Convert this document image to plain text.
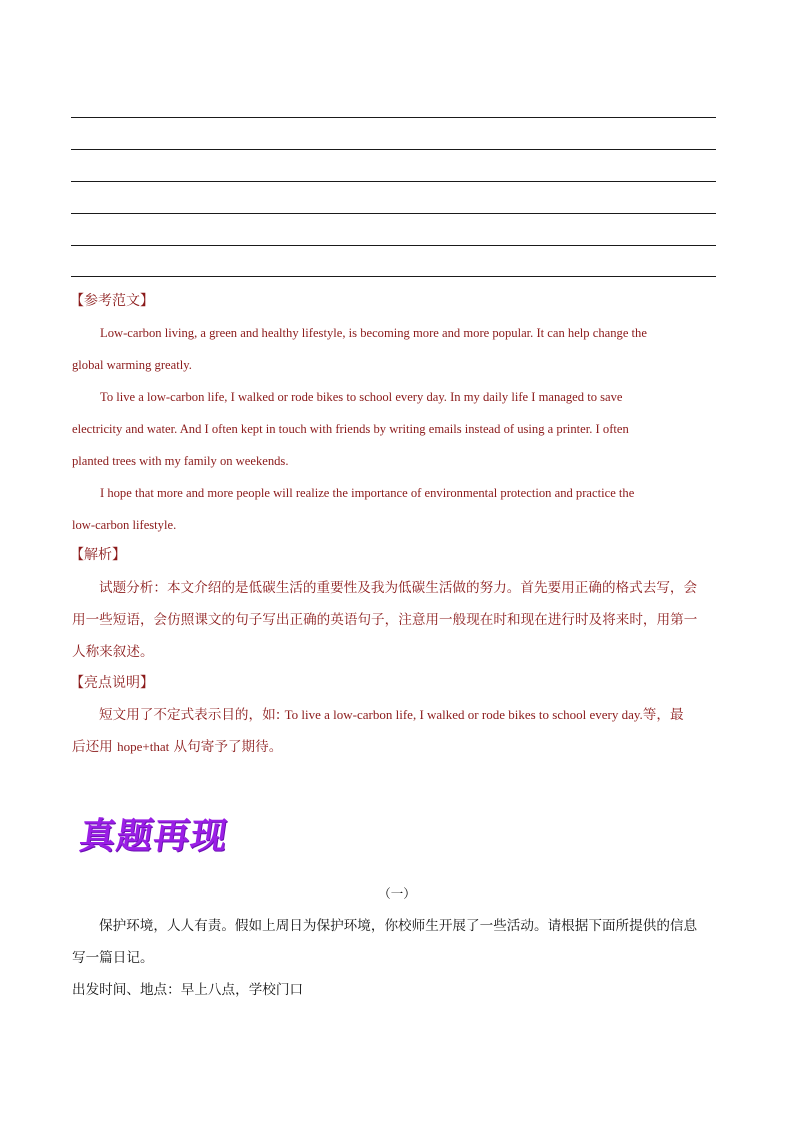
【参考范文】
Low-carbon living, a green and healthy lifestyle, is becoming more and more popular. It can help change the
global warming greatly.
To live a low-carbon life, I walked or rode bikes to school every day. In my daily life I managed to save
electricity and water. And I often kept in touch with friends by writing emails instead of using a printer. I often
planted trees with my family on weekends.
I hope that more and more people will realize the importance of environmental protection and practice the
low-carbon lifestyle.
【解析】
试题分析：本文介绍的是低碳生活的重要性及我为低碳生活做的努力。首先要用正确的格式去写，会
用一些短语，会仿照课文的句子写出正确的英语句子，注意用一般现在时和现在进行时及将来时，用第一
人称来叙述。
【亮点说明】
短文用了不定式表示目的，如: To live a low-carbon life, I walked or rode bikes to school every day.等，最
后还用 hope+that 从句寄予了期待。
真题再现
（一）
保护环境，人人有责。假如上周日为保护环境，你校师生开展了一些活动。请根据下面所提供的信息
写一篇日记。
出发时间、地点：早上八点，学校门口
